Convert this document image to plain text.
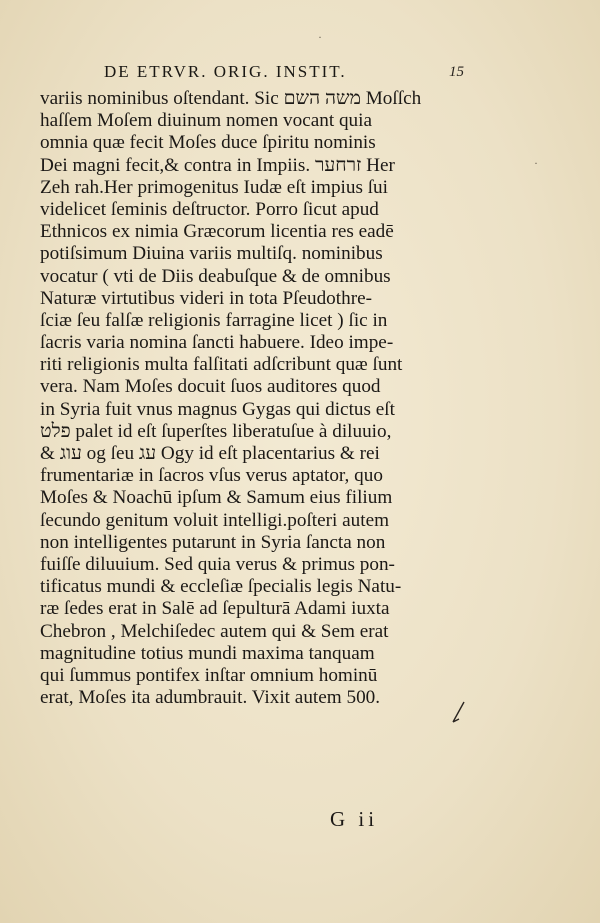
DE ETRVR. ORIG. INSTIT.	15
variis nominibus oſtendant. Sic משה השם Moſſch
haſſem Moſem diuinum nomen vocant quia
omnia quæ fecit Moſes duce ſpiritu nominis
Dei magni fecit,& contra in Impiis. זרחער Her
Zeh rah.Her primogenitus Iudæ eſt impius ſui
videlicet ſeminis deſtructor. Porro ſicut apud
Ethnicos ex nimia Græcorum licentia res eadē
potiſsimum Diuina variis multiſq. nominibus
vocatur ( vti de Diis deabuſque & de omnibus
Naturæ virtutibus videri in tota Pſeudothre-
ſciæ ſeu falſæ religionis farragine licet ) ſic in
ſacris varia nomina ſancti habuere. Ideo impe-
riti religionis multa falſitati adſcribunt quæ ſunt
vera. Nam Moſes docuit ſuos auditores quod
in Syria fuit vnus magnus Gygas qui dictus eſt
פלט palet id eſt ſuperſtes liberatuſue à diluuio,
& עוג og ſeu עג Ogy id eſt placentarius & rei
frumentariæ in ſacros vſus verus aptator, quo
Moſes & Noachū ipſum & Samum eius filium
ſecundo genitum voluit intelligi.poſteri autem
non intelligentes putarunt in Syria ſancta non
fuiſſe diluuium. Sed quia verus & primus pon-
tificatus mundi & eccleſiæ ſpecialis legis Natu-
ræ ſedes erat in Salē ad ſepulturā Adami iuxta
Chebron , Melchiſedec autem qui & Sem erat
magnitudine totius mundi maxima tanquam
qui ſummus pontifex inſtar omnium hominū
erat, Moſes ita adumbrauit. Vixit autem 500.
G ii
·
·
